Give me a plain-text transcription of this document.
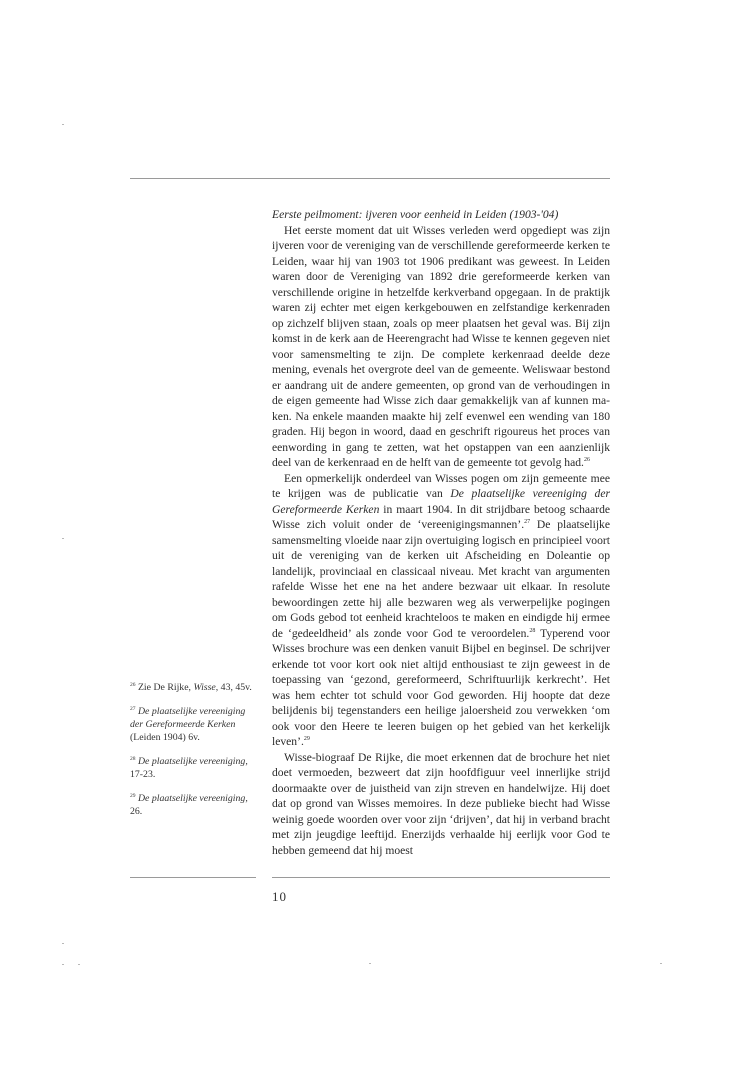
Eerste peilmoment: ijveren voor eenheid in Leiden (1903-'04)

Het eerste moment dat uit Wisses verleden werd opgediept was zijn ijveren voor de vereniging van de verschillende gereformeerde kerken te Leiden, waar hij van 1903 tot 1906 predikant was geweest. In Leiden waren door de Vereniging van 1892 drie gereformeerde kerken van verschillende origine in hetzelfde kerkverband opgegaan. In de praktijk waren zij echter met eigen kerkgebouwen en zelfstandige kerkenraden op zichzelf blijven staan, zoals op meer plaatsen het geval was. Bij zijn komst in de kerk aan de Heerengracht had Wisse te kennen gegeven niet voor samensmelting te zijn. De complete kerkenraad deelde deze mening, evenals het overgrote deel van de gemeente. Weliswaar bestond er aandrang uit de andere gemeenten, op grond van de verhoudingen in de eigen gemeente had Wisse zich daar gemakkelijk van af kunnen maken. Na enkele maanden maakte hij zelf evenwel een wending van 180 graden. Hij begon in woord, daad en geschrift rigoureus het proces van eenwording in gang te zetten, wat het opstappen van een aanzienlijk deel van de kerkenraad en de helft van de gemeente tot gevolg had.$^{26}$

Een opmerkelijk onderdeel van Wisses pogen om zijn gemeente mee te krijgen was de publicatie van De plaatselijke vereeniging der Gereformeerde Kerken in maart 1904. In dit strijdbare betoog schaarde Wisse zich voluit onder de ‘vereenigingsmannen’.$^{27}$ De plaatselijke samensmelting vloeide naar zijn overtuiging logisch en principieel voort uit de vereniging van de kerken uit Afscheiding en Doleantie op landelijk, provinciaal en classicaal niveau. Met kracht van argumenten rafelde Wisse het ene na het andere bezwaar uit elkaar. In resolute bewoordingen zette hij alle bezwaren weg als verwerpelijke pogingen om Gods gebod tot eenheid krachteloos te maken en eindigde hij ermee de ‘gedeeldheid’ als zonde voor God te veroordelen.$^{28}$ Typerend voor Wisses brochure was een denken vanuit Bijbel en beginsel. De schrijver erkende tot voor kort ook niet altijd enthousiast te zijn geweest in de toepassing van ‘gezond, gereformeerd, Schriftuurlijk kerkrecht’. Het was hem echter tot schuld voor God geworden. Hij hoopte dat deze belijdenis bij tegenstanders een heilige jaloersheid zou verwekken ‘om ook voor den Heere te leeren buigen op het gebied van het kerkelijk leven’.$^{29}$

Wisse-biograaf De Rijke, die moet erkennen dat de brochure het niet doet vermoeden, bezweert dat zijn hoofdfiguur veel innerlijke strijd doormaakte over de juistheid van zijn streven en handelwijze. Hij doet dat op grond van Wisses memoires. In deze publieke biecht had Wisse weinig goede woorden over voor zijn ‘drijven’, dat hij in verband bracht met zijn jeugdige leeftijd. Enerzijds verhaalde hij eerlijk voor God te hebben gemeend dat hij moest

$^{26}$ Zie De Rijke, Wisse, 43, 45v.

$^{27}$ De plaatselijke vereeniging der Gereformeerde Kerken (Leiden 1904) 6v.

$^{28}$ De plaatselijke vereeniging, 17-23.

$^{29}$ De plaatselijke vereeniging, 26.

10
